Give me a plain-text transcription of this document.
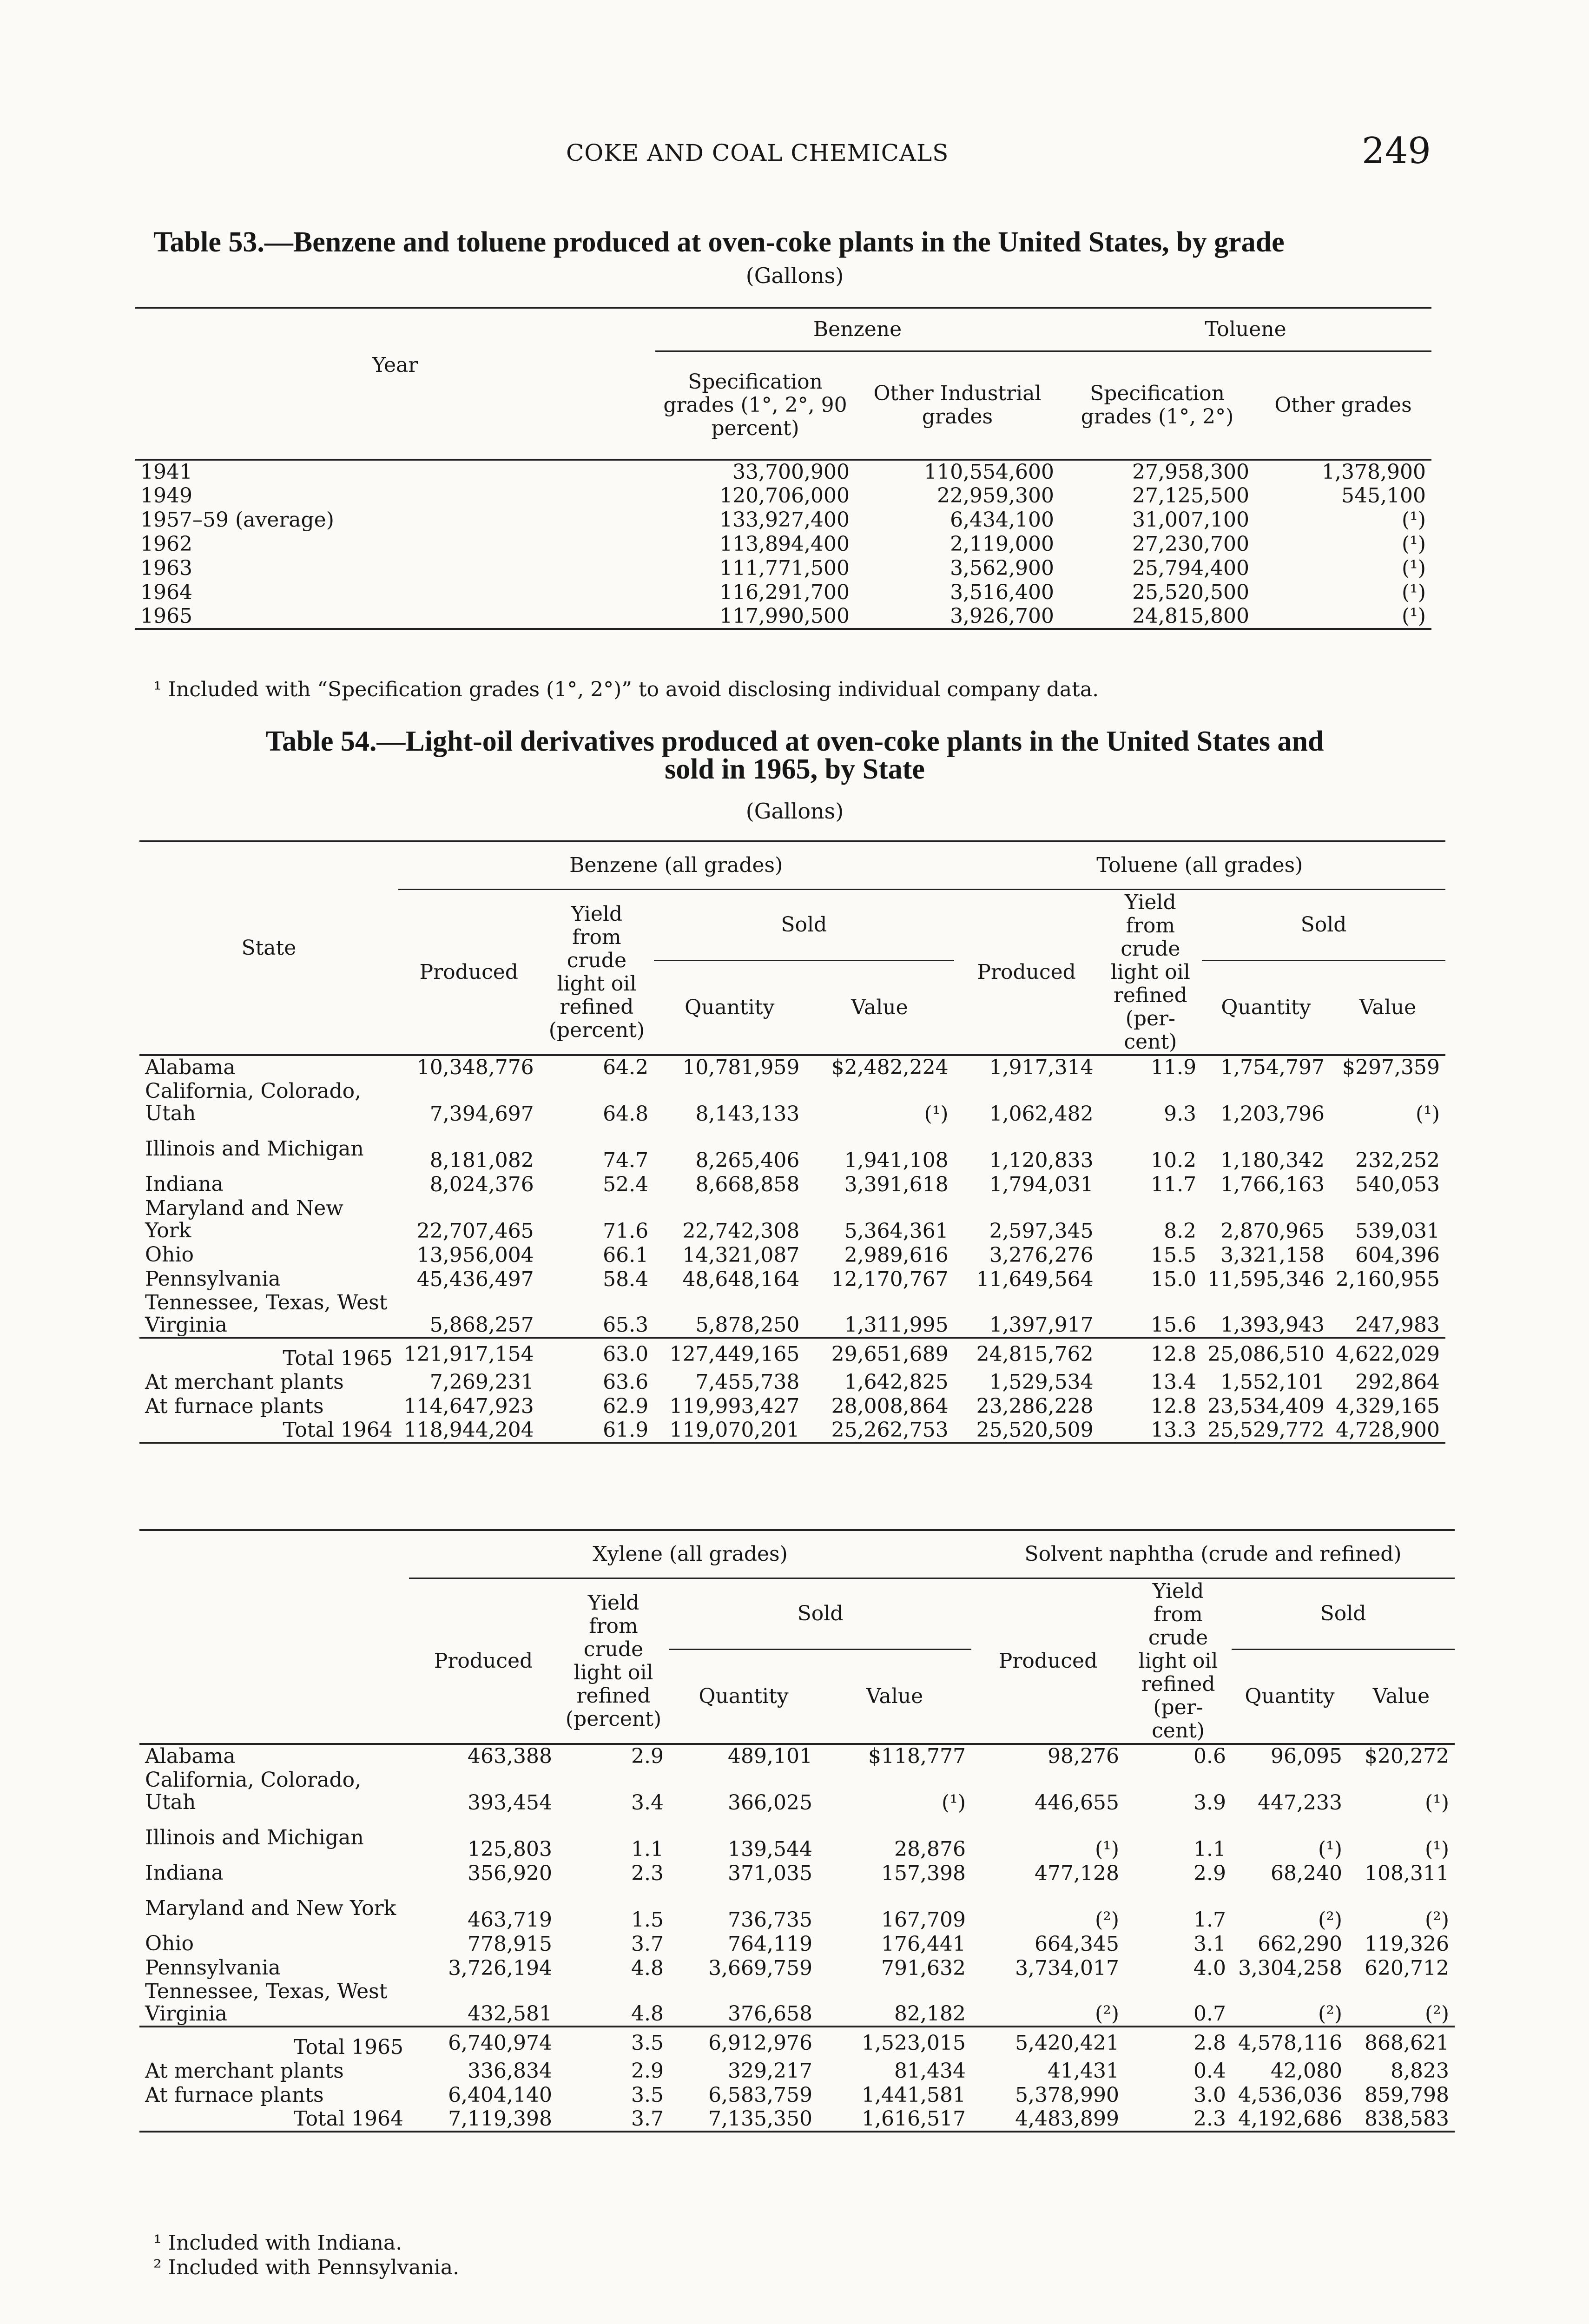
COKE AND COAL CHEMICALS	249
Table 53.—Benzene and toluene produced at oven-coke plants in the United States, by grade
(Gallons)
Year	Benzene		Toluene	
	Specification grades (1°, 2°, 90 percent)	Other Industrial grades	Specification grades (1°, 2°)	Other grades
1941	33,700,900	110,554,600	27,958,300	1,378,900
1949	120,706,000	22,959,300	27,125,500	545,100
1957–59 (average)	133,927,400	6,434,100	31,007,100	(¹)
1962	113,894,400	2,119,000	27,230,700	(¹)
1963	111,771,500	3,562,900	25,794,400	(¹)
1964	116,291,700	3,516,400	25,520,500	(¹)
1965	117,990,500	3,926,700	24,815,800	(¹)
¹ Included with “Specification grades (1°, 2°)” to avoid disclosing individual company data.
Table 54.—Light-oil derivatives produced at oven-coke plants in the United States and
sold in 1965, by State
(Gallons)
State	Benzene (all grades)				Toluene (all grades)			
	Produced	Yield from crude light oil refined (percent)	Sold		Produced	Yield from crude light oil refined (per- cent)	Sold	
			Quantity	Value			Quantity	Value
Alabama	10,348,776	64.2	10,781,959	$2,482,224	1,917,314	11.9	1,754,797	$297,359
California, Colorado, Utah	7,394,697	64.8	8,143,133	(¹)	1,062,482	9.3	1,203,796	(¹)
Illinois and Michigan	8,181,082	74.7	8,265,406	1,941,108	1,120,833	10.2	1,180,342	232,252
Indiana	8,024,376	52.4	8,668,858	3,391,618	1,794,031	11.7	1,766,163	540,053
Maryland and New York	22,707,465	71.6	22,742,308	5,364,361	2,597,345	8.2	2,870,965	539,031
Ohio	13,956,004	66.1	14,321,087	2,989,616	3,276,276	15.5	3,321,158	604,396
Pennsylvania	45,436,497	58.4	48,648,164	12,170,767	11,649,564	15.0	11,595,346	2,160,955
Tennessee, Texas, West Virginia	5,868,257	65.3	5,878,250	1,311,995	1,397,917	15.6	1,393,943	247,983
Total 1965	121,917,154	63.0	127,449,165	29,651,689	24,815,762	12.8	25,086,510	4,622,029
At merchant plants	7,269,231	63.6	7,455,738	1,642,825	1,529,534	13.4	1,552,101	292,864
At furnace plants	114,647,923	62.9	119,993,427	28,008,864	23,286,228	12.8	23,534,409	4,329,165
Total 1964	118,944,204	61.9	119,070,201	25,262,753	25,520,509	13.3	25,529,772	4,728,900
	Xylene (all grades)				Solvent naphtha (crude and refined)			
	Produced	Yield from crude light oil refined (percent)	Sold		Produced	Yield from crude light oil refined (per- cent)	Sold	
			Quantity	Value			Quantity	Value
Alabama	463,388	2.9	489,101	$118,777	98,276	0.6	96,095	$20,272
California, Colorado, Utah	393,454	3.4	366,025	(¹)	446,655	3.9	447,233	(¹)
Illinois and Michigan	125,803	1.1	139,544	28,876	(¹)	1.1	(¹)	(¹)
Indiana	356,920	2.3	371,035	157,398	477,128	2.9	68,240	108,311
Maryland and New York	463,719	1.5	736,735	167,709	(²)	1.7	(²)	(²)
Ohio	778,915	3.7	764,119	176,441	664,345	3.1	662,290	119,326
Pennsylvania	3,726,194	4.8	3,669,759	791,632	3,734,017	4.0	3,304,258	620,712
Tennessee, Texas, West Virginia	432,581	4.8	376,658	82,182	(²)	0.7	(²)	(²)
Total 1965	6,740,974	3.5	6,912,976	1,523,015	5,420,421	2.8	4,578,116	868,621
At merchant plants	336,834	2.9	329,217	81,434	41,431	0.4	42,080	8,823
At furnace plants	6,404,140	3.5	6,583,759	1,441,581	5,378,990	3.0	4,536,036	859,798
Total 1964	7,119,398	3.7	7,135,350	1,616,517	4,483,899	2.3	4,192,686	838,583
¹ Included with Indiana.
² Included with Pennsylvania.
